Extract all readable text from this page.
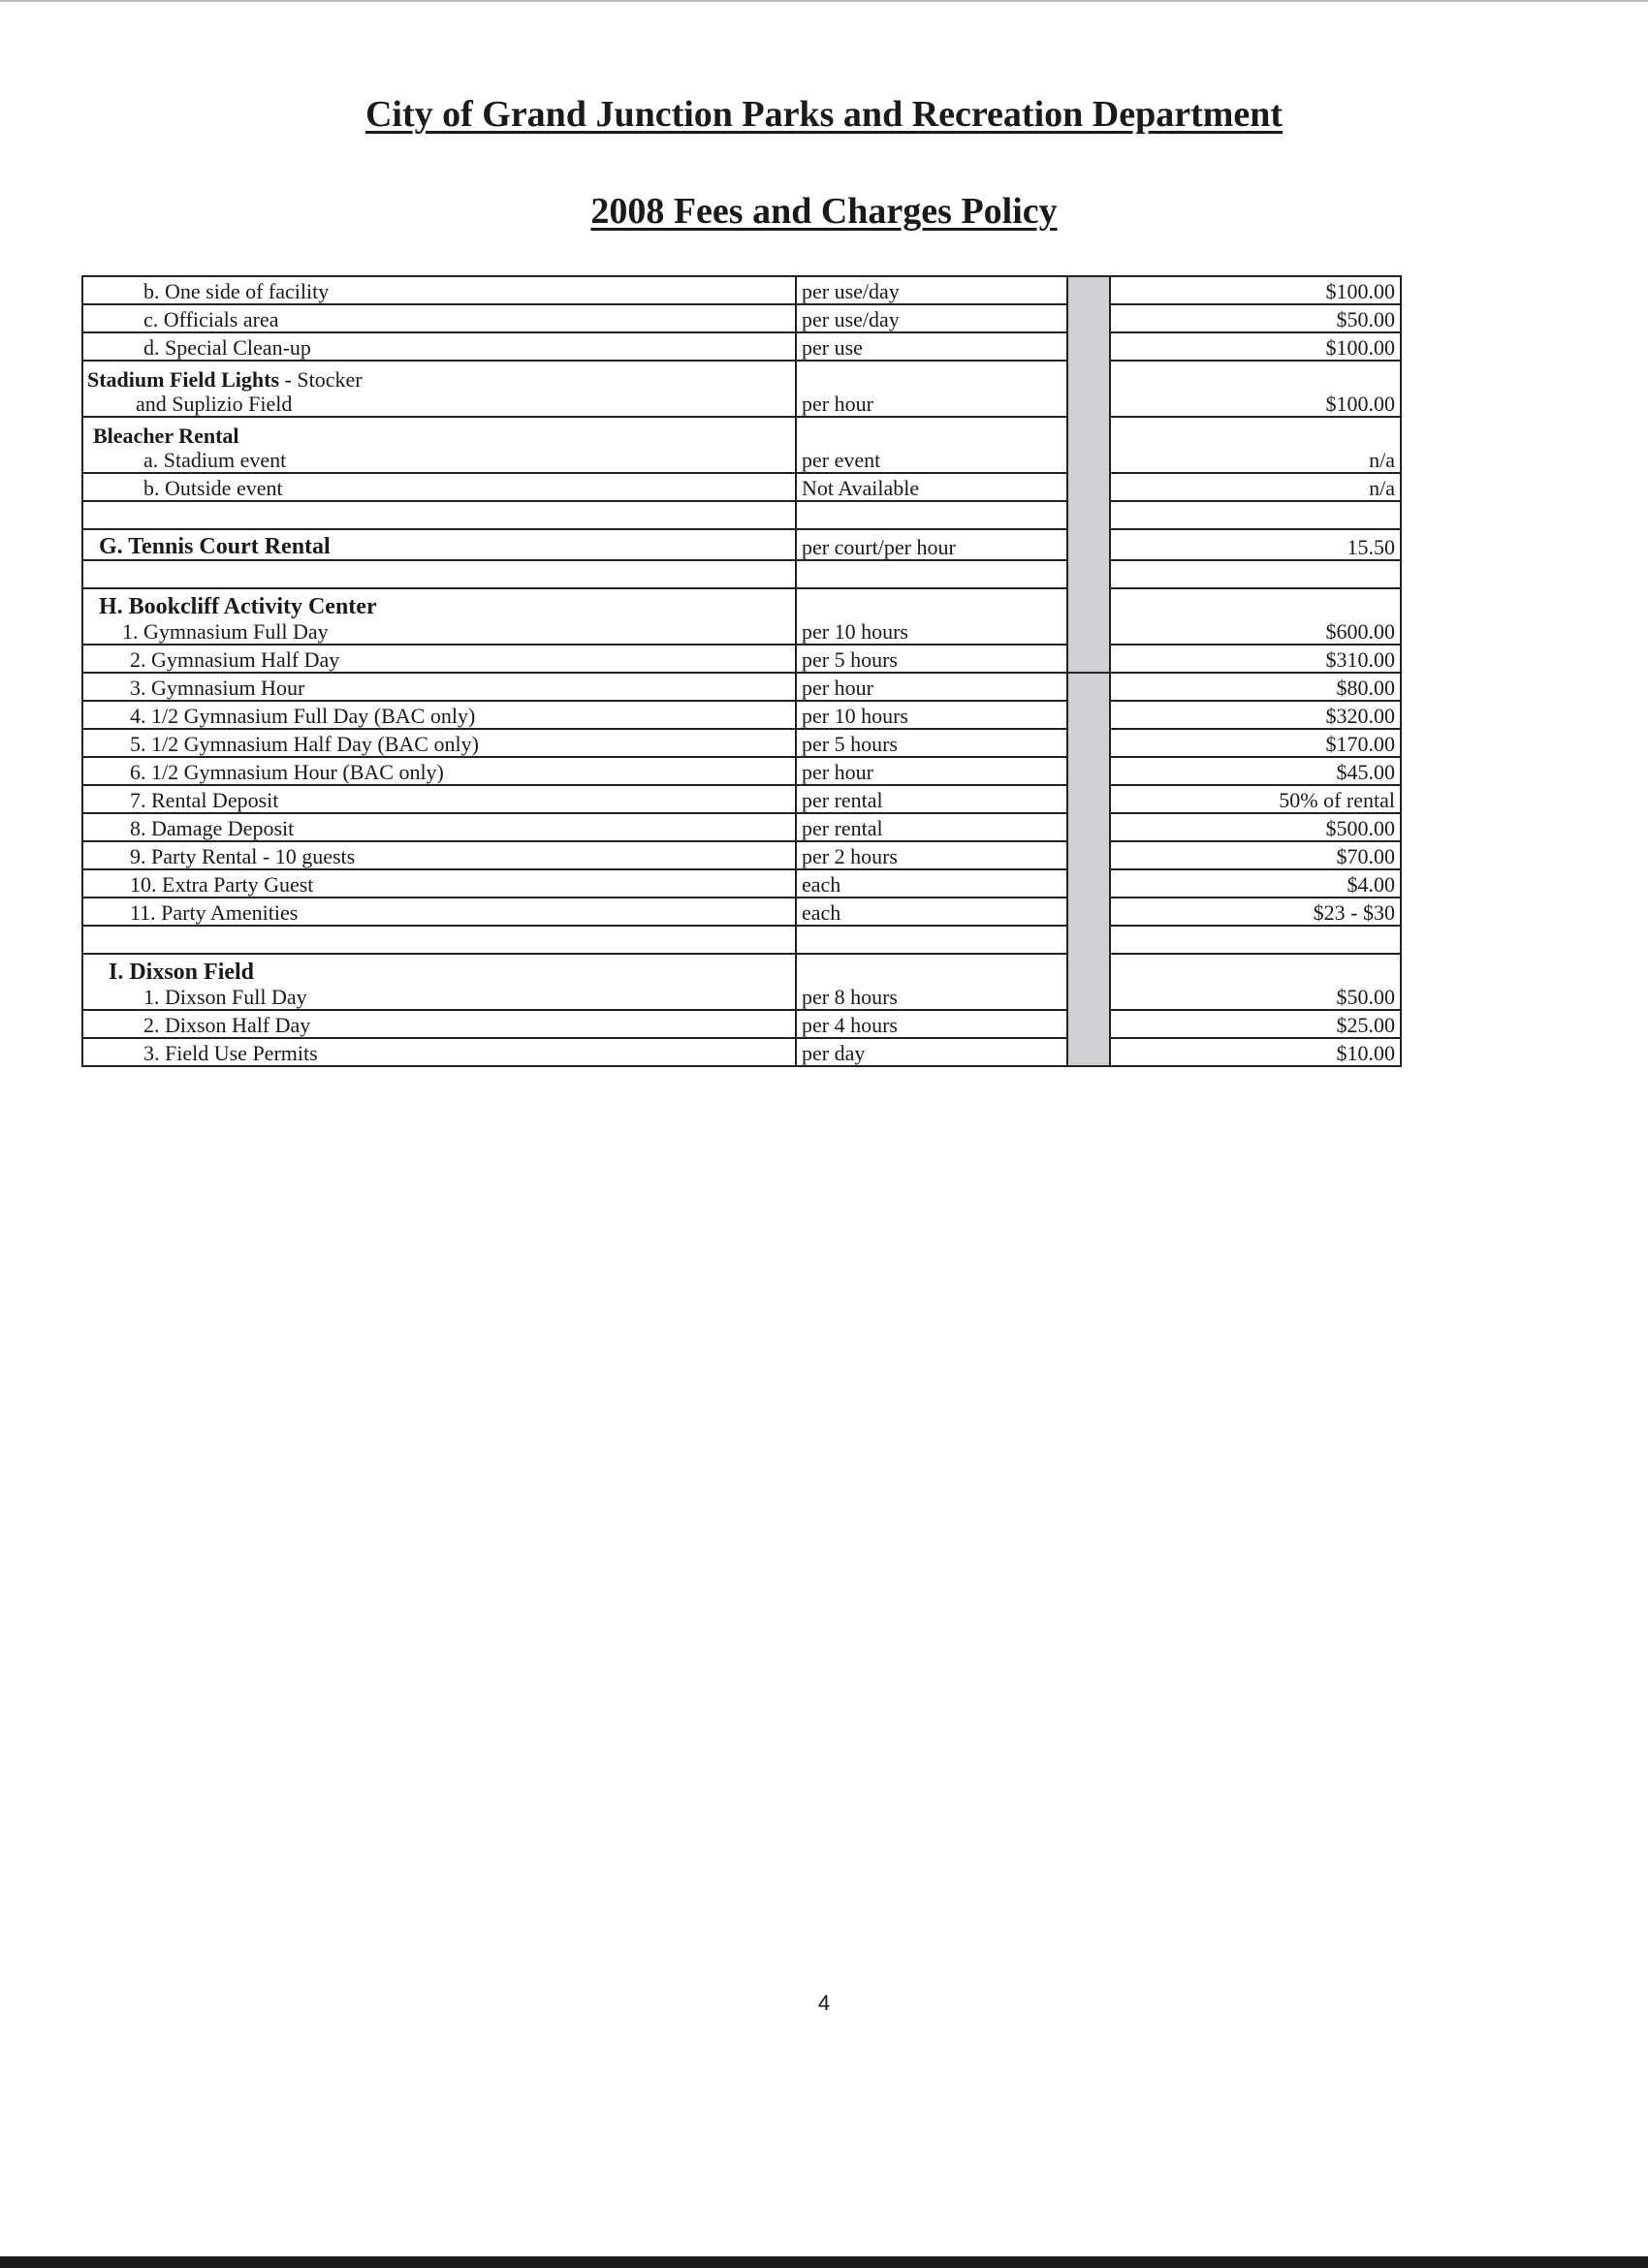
City of Grand Junction Parks and Recreation Department
2008 Fees and Charges Policy
b. One side of facility	per use/day		$100.00
c. Officials area	per use/day		$50.00
d. Special Clean-up	per use		$100.00

Stadium Field Lights - Stocker
and Suplizio Field	per hour		$100.00

Bleacher Rental
a. Stadium event	per event		n/a
b. Outside event	Not Available		n/a

G. Tennis Court Rental	per court/per hour		15.50

H. Bookcliff Activity Center
1. Gymnasium Full Day	per 10 hours		$600.00
2. Gymnasium Half Day	per 5 hours		$310.00
3. Gymnasium Hour	per hour		$80.00
4. 1/2 Gymnasium Full Day (BAC only)	per 10 hours		$320.00
5. 1/2 Gymnasium Half Day (BAC only)	per 5 hours		$170.00
6. 1/2 Gymnasium Hour (BAC only)	per hour		$45.00
7. Rental Deposit	per rental		50% of rental
8. Damage Deposit	per rental		$500.00
9. Party Rental - 10 guests	per 2 hours		$70.00
10. Extra Party Guest	each		$4.00
11. Party Amenities	each		$23 - $30

I. Dixson Field
1. Dixson Full Day	per 8 hours		$50.00
2. Dixson Half Day	per 4 hours		$25.00
3. Field Use Permits	per day		$10.00
4
